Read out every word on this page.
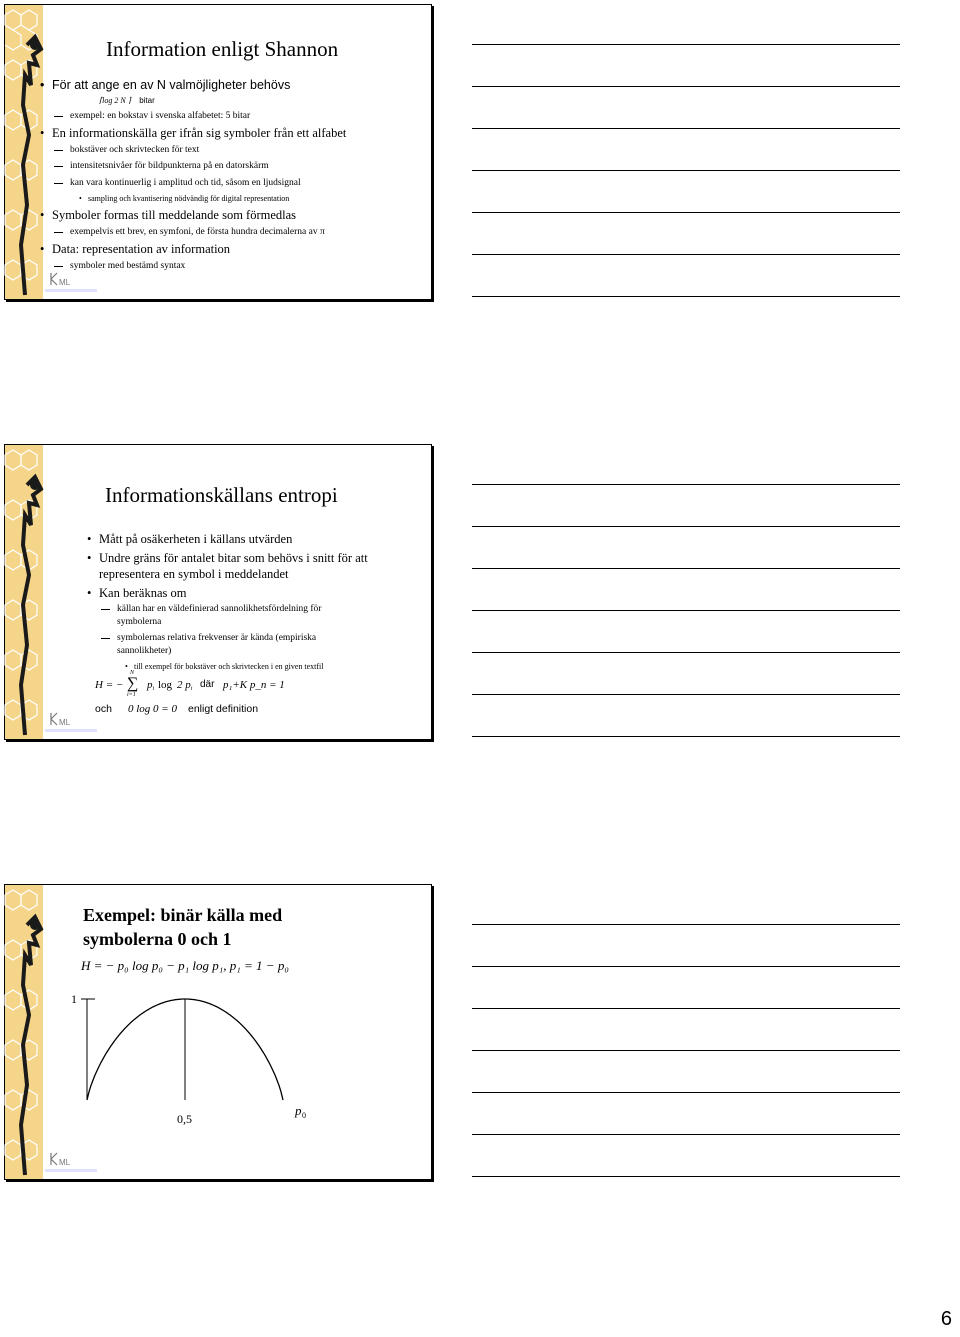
ML
Information enligt Shannon
• För att ange en av N valmöjligheter behövs
⌈log 2 N ⌉ bitar
exempel: en bokstav i svenska alfabetet: 5 bitar
• En informationskälla ger ifrån sig symboler från ett alfabet
bokstäver och skrivtecken för text
intensitetsnivåer för bildpunkterna på en datorskärm
kan vara kontinuerlig i amplitud och tid, såsom en ljudsignal
• sampling och kvantisering nödvändig för digital representation
• Symboler formas till meddelande som förmedlas
exempelvis ett brev, en symfoni, de första hundra decimalerna av π
• Data: representation av information
symboler med bestämd syntax
ML
Informationskällans entropi
• Mått på osäkerheten i källans utvärden
• Undre gräns för antalet bitar som behövs i snitt för att
representera en symbol i meddelandet
• Kan beräknas om
källan har en väldefinierad sannolikhetsfördelning för
symbolerna
symbolernas relativa frekvenser är kända (empiriska
sannolikheter)
• till exempel för bokstäver och skrivtecken i en given textfil
H = −
N
∑
i=1
$p_i$ log 2 $p_i$ där p₁+K p_n = 1
och 0 log 0 = 0 enligt definition
ML
Exempel: binär källa med
symbolerna 0 och 1
H = − p₀ log p₀ − p₁ log p₁, p₁ = 1 − p₀
1
0,5
p 0
6
